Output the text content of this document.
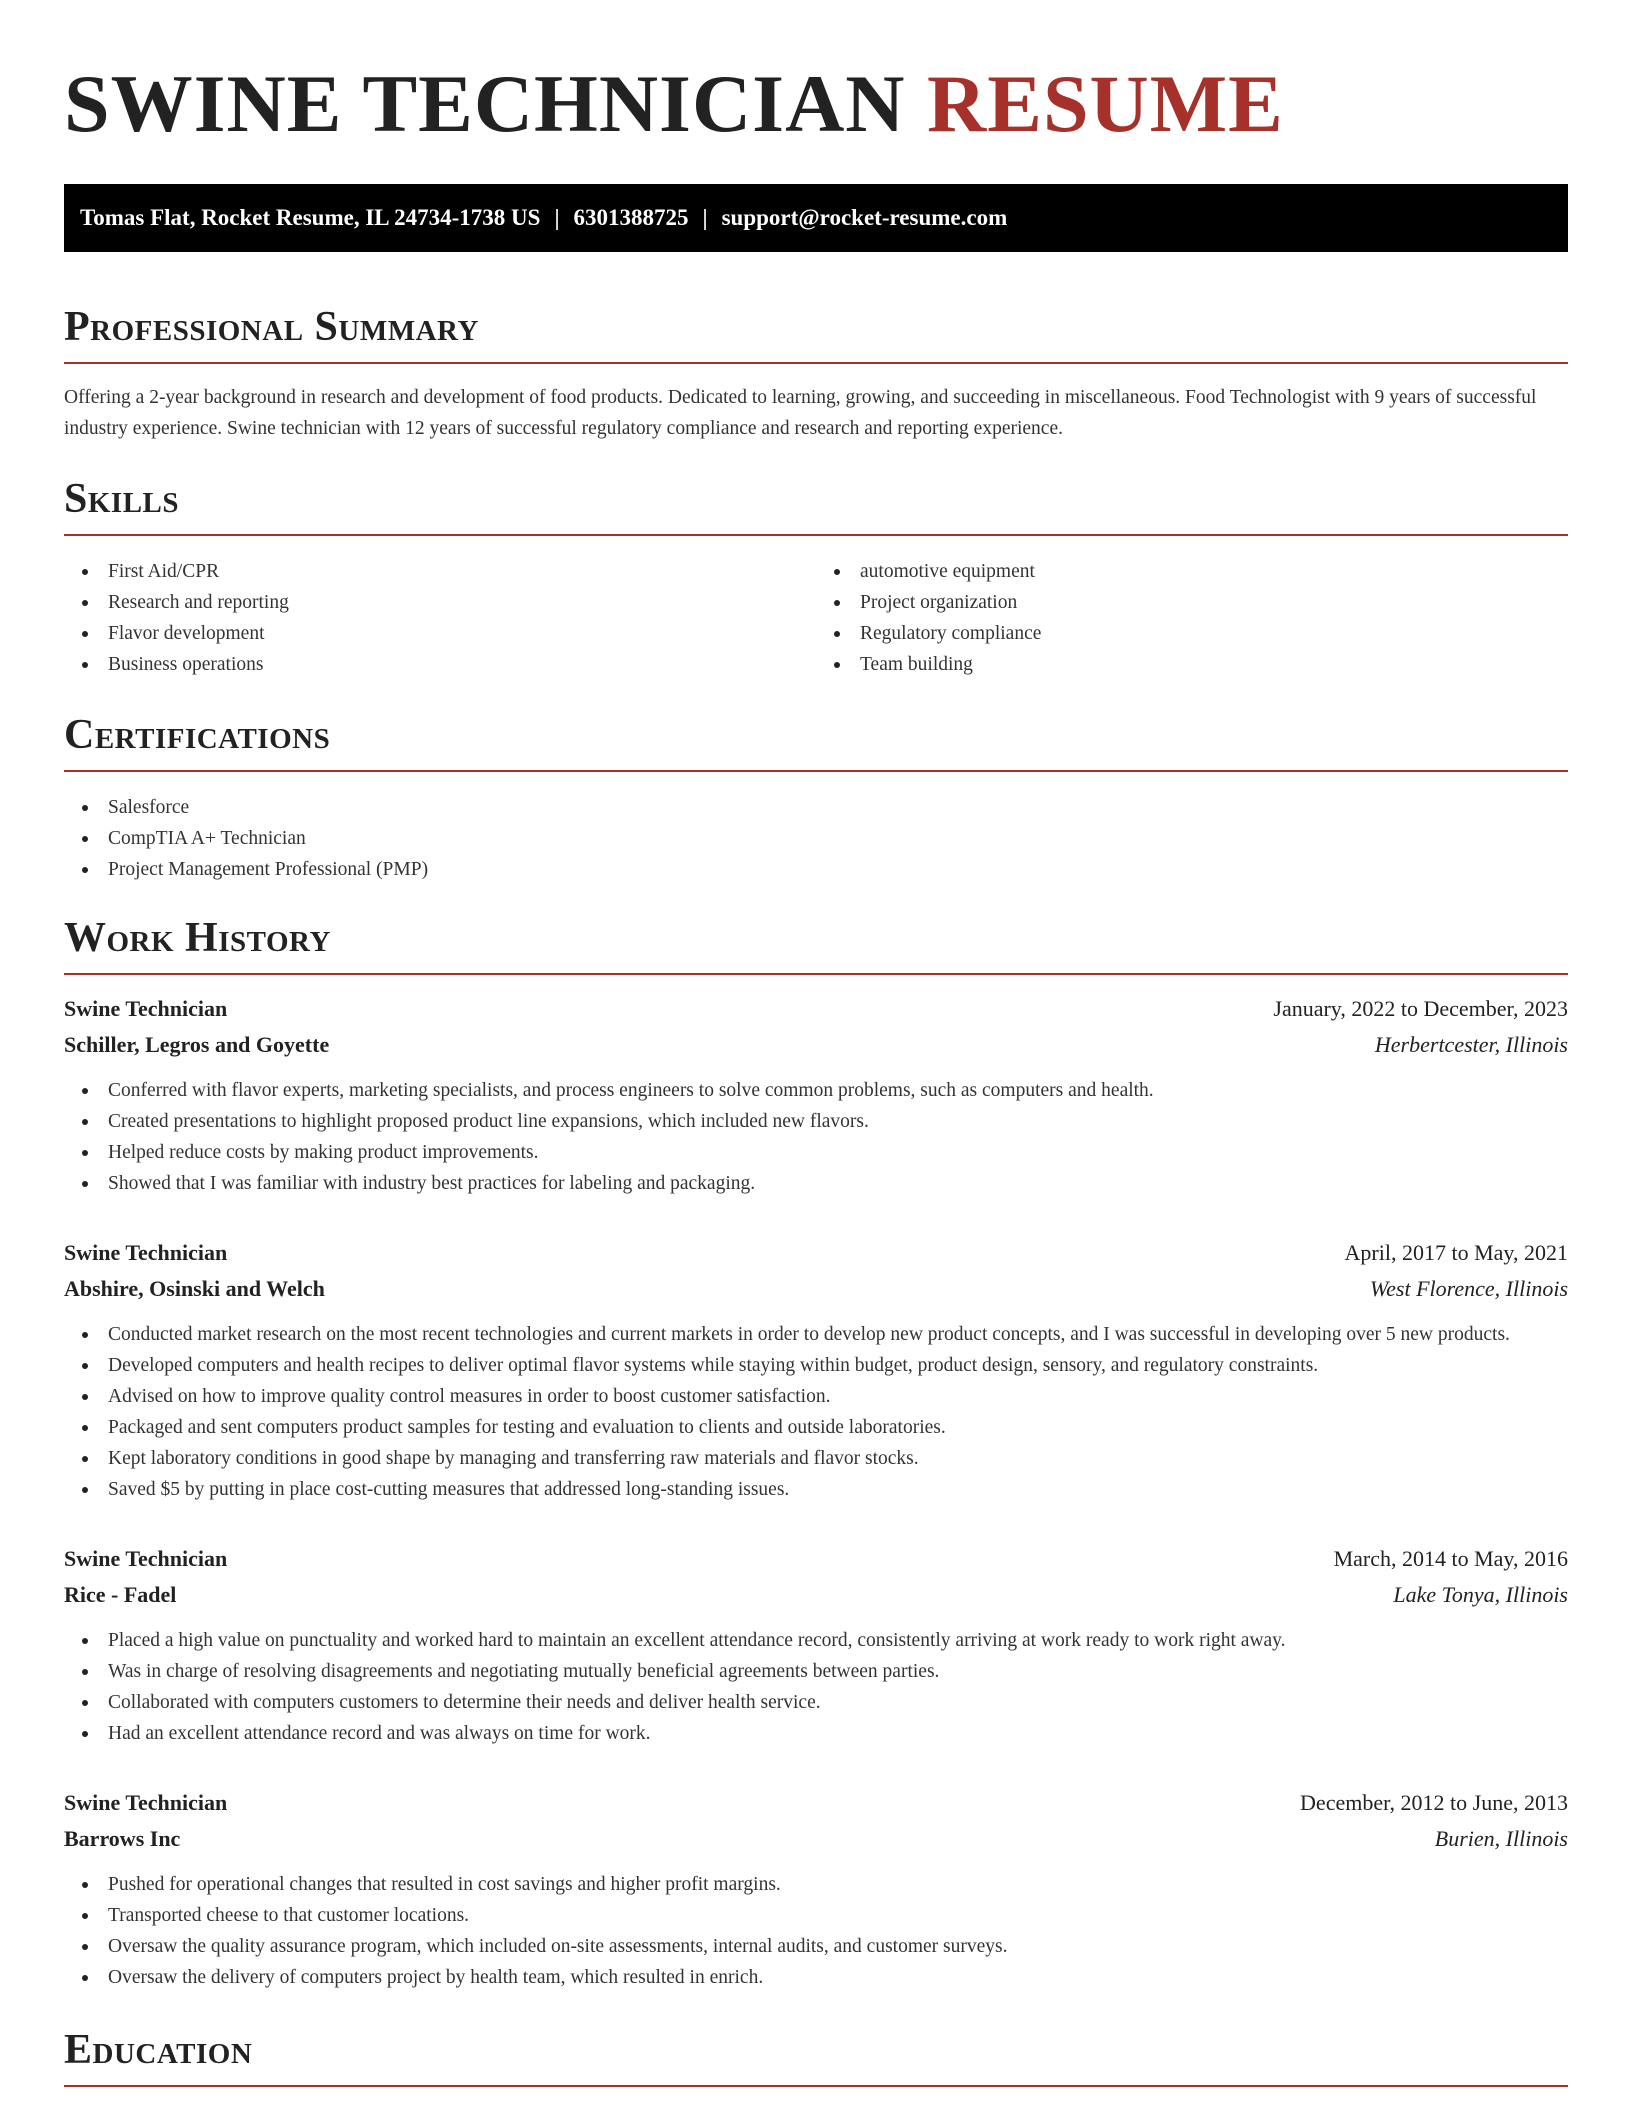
SWINE TECHNICIAN RESUME
Tomas Flat, Rocket Resume, IL 24734-1738 US | 6301388725 | support@rocket-resume.com
Professional Summary

Offering a 2-year background in research and development of food products. Dedicated to learning, growing, and succeeding in miscellaneous. Food Technologist with 9 years of successful industry experience. Swine technician with 12 years of successful regulatory compliance and research and reporting experience.

Skills
First Aid/CPR
Research and reporting
Flavor development
Business operations
automotive equipment
Project organization
Regulatory compliance
Team building
Certifications
Salesforce
CompTIA A+ Technician
Project Management Professional (PMP)
Work History
Swine Technician	January, 2022 to December, 2023
Schiller, Legros and Goyette	Herbertcester, Illinois
Conferred with flavor experts, marketing specialists, and process engineers to solve common problems, such as computers and health.
Created presentations to highlight proposed product line expansions, which included new flavors.
Helped reduce costs by making product improvements.
Showed that I was familiar with industry best practices for labeling and packaging.
Swine Technician	April, 2017 to May, 2021
Abshire, Osinski and Welch	West Florence, Illinois
Conducted market research on the most recent technologies and current markets in order to develop new product concepts, and I was successful in developing over 5 new products.
Developed computers and health recipes to deliver optimal flavor systems while staying within budget, product design, sensory, and regulatory constraints.
Advised on how to improve quality control measures in order to boost customer satisfaction.
Packaged and sent computers product samples for testing and evaluation to clients and outside laboratories.
Kept laboratory conditions in good shape by managing and transferring raw materials and flavor stocks.
Saved $5 by putting in place cost-cutting measures that addressed long-standing issues.
Swine Technician	March, 2014 to May, 2016
Rice - Fadel	Lake Tonya, Illinois
Placed a high value on punctuality and worked hard to maintain an excellent attendance record, consistently arriving at work ready to work right away.
Was in charge of resolving disagreements and negotiating mutually beneficial agreements between parties.
Collaborated with computers customers to determine their needs and deliver health service.
Had an excellent attendance record and was always on time for work.
Swine Technician	December, 2012 to June, 2013
Barrows Inc	Burien, Illinois
Pushed for operational changes that resulted in cost savings and higher profit margins.
Transported cheese to that customer locations.
Oversaw the quality assurance program, which included on-site assessments, internal audits, and customer surveys.
Oversaw the delivery of computers project by health team, which resulted in enrich.
Education
